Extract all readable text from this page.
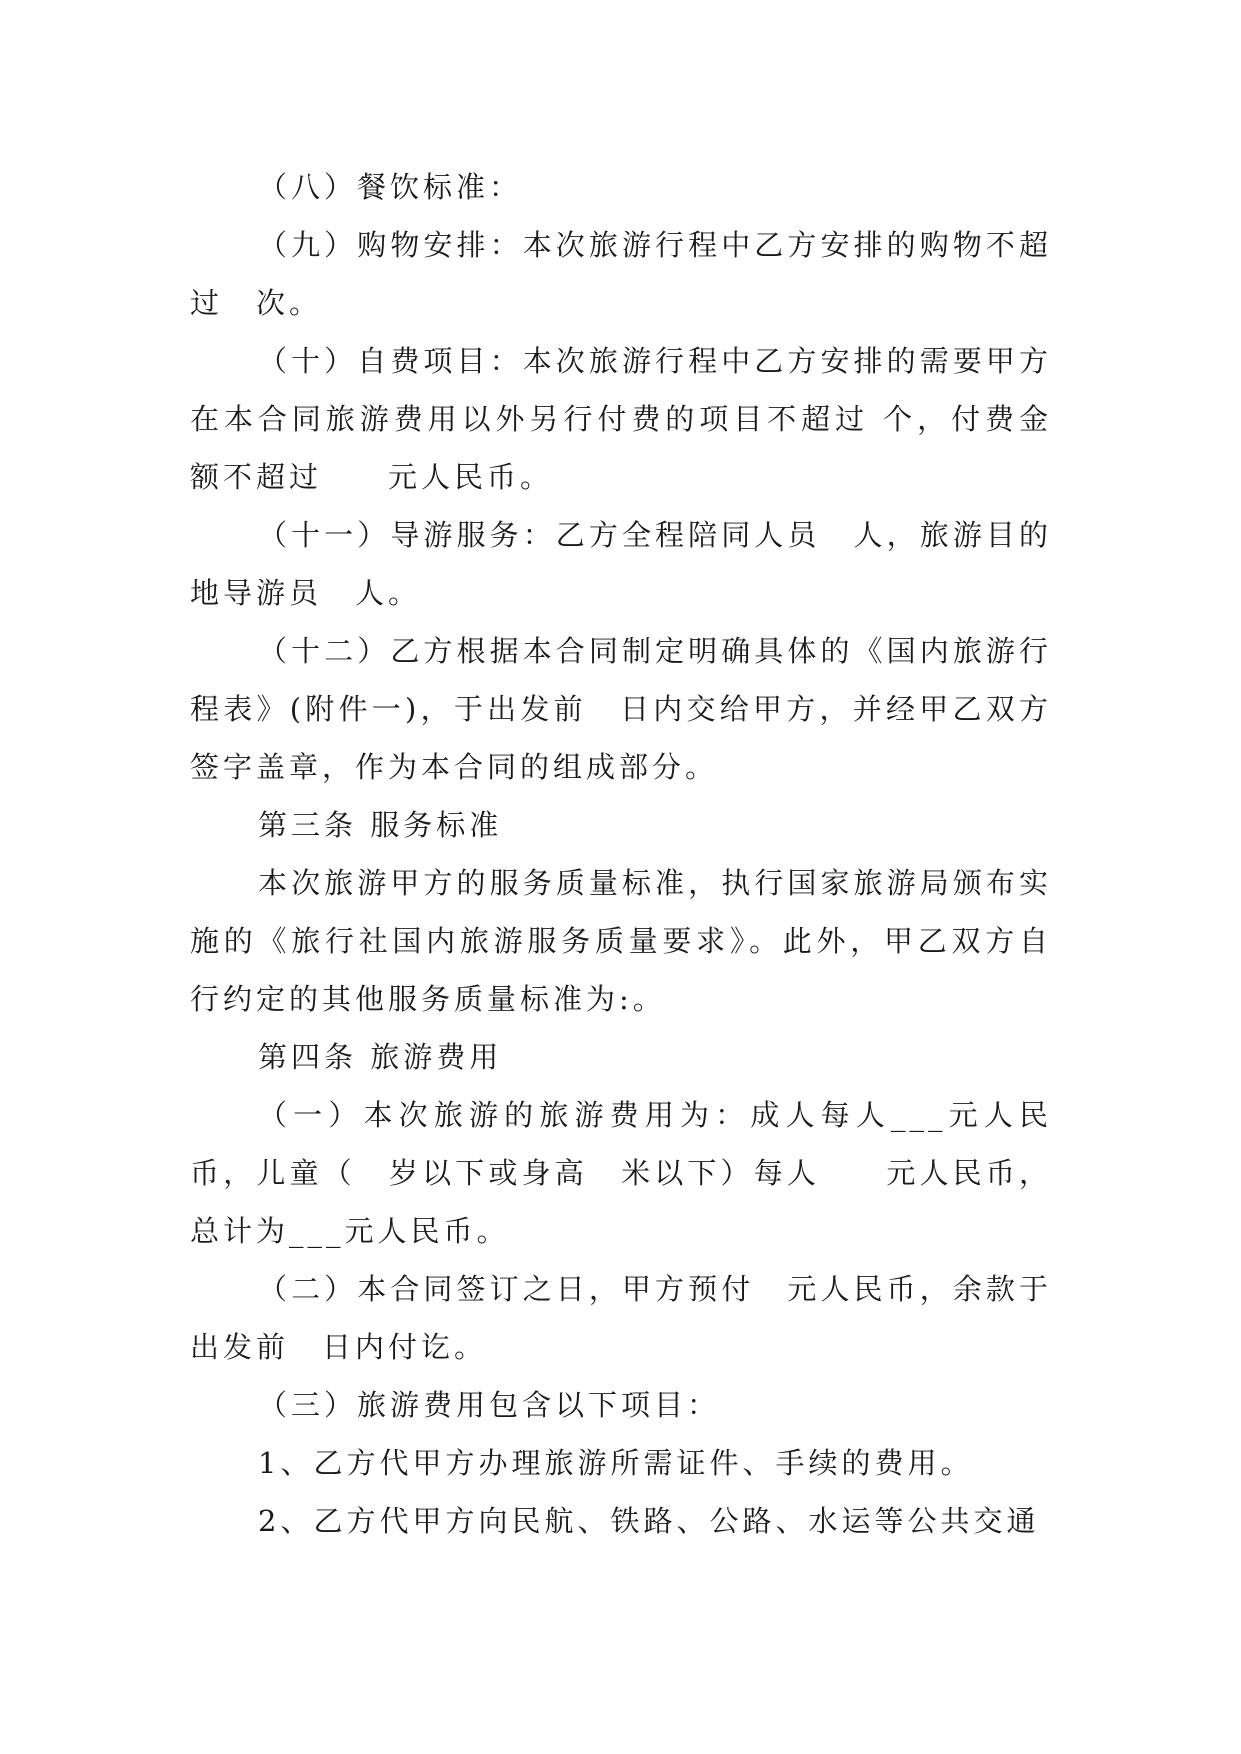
（八）餐饮标准：

（九）购物安排：本次旅游行程中乙方安排的购物不超过　次。

（十）自费项目：本次旅游行程中乙方安排的需要甲方在本合同旅游费用以外另行付费的项目不超过 个，付费金额不超过　　元人民币。

（十一）导游服务：乙方全程陪同人员　人，旅游目的地导游员　人。

（十二）乙方根据本合同制定明确具体的《国内旅游行程表》(附件一)，于出发前　日内交给甲方，并经甲乙双方签字盖章，作为本合同的组成部分。

第三条 服务标准

本次旅游甲方的服务质量标准，执行国家旅游局颁布实施的《旅行社国内旅游服务质量要求》。此外，甲乙双方自行约定的其他服务质量标准为:。

第四条 旅游费用

（一）本次旅游的旅游费用为：成人每人___元人民币，儿童（　岁以下或身高　米以下）每人　　元人民币， 总计为___元人民币。

（二）本合同签订之日，甲方预付　元人民币，余款于出发前　日内付讫。

（三）旅游费用包含以下项目：

1、乙方代甲方办理旅游所需证件、手续的费用。

2、乙方代甲方向民航、铁路、公路、水运等公共交通
